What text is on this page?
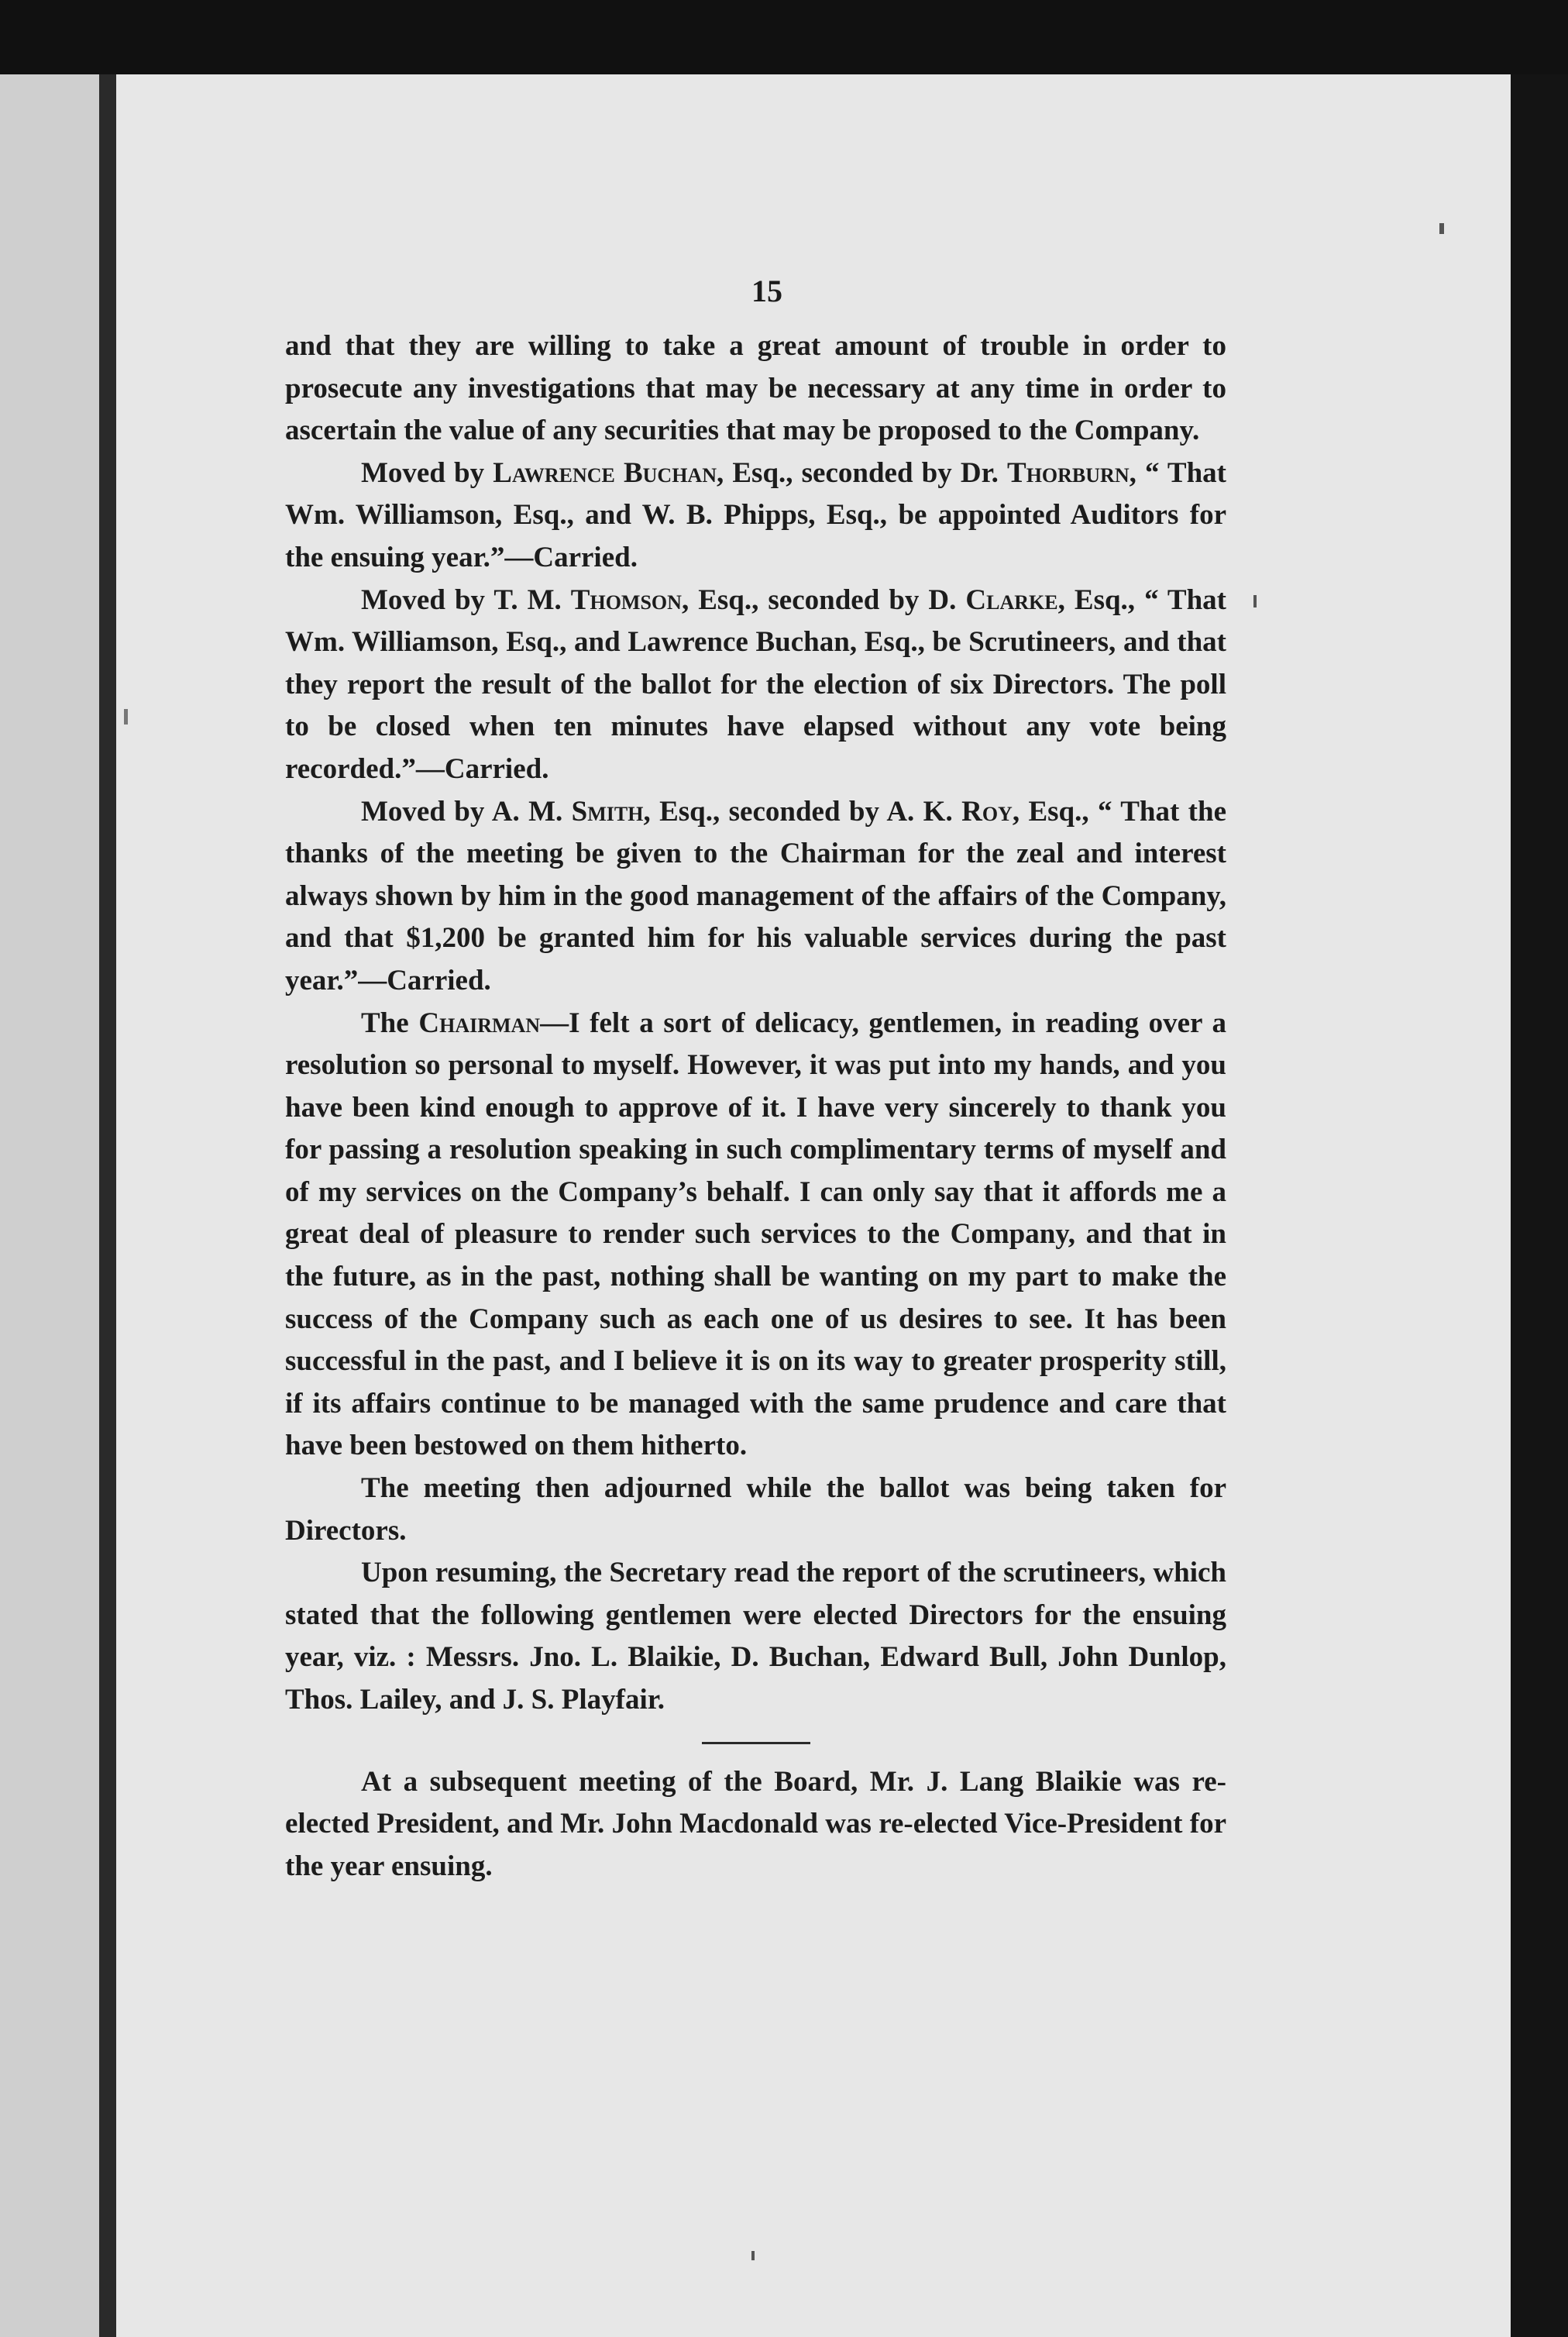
15

and that they are willing to take a great amount of trouble in order to prosecute any investigations that may be necessary at any time in order to ascertain the value of any securities that may be proposed to the Company.

Moved by Lawrence Buchan, Esq., seconded by Dr. Thorburn, “ That Wm. Williamson, Esq., and W. B. Phipps, Esq., be appointed Auditors for the ensuing year.”—Carried.

Moved by T. M. Thomson, Esq., seconded by D. Clarke, Esq., “ That Wm. Williamson, Esq., and Lawrence Buchan, Esq., be Scrutineers, and that they report the result of the ballot for the election of six Directors. The poll to be closed when ten minutes have elapsed without any vote being recorded.”—Carried.

Moved by A. M. Smith, Esq., seconded by A. K. Roy, Esq., “ That the thanks of the meeting be given to the Chairman for the zeal and interest always shown by him in the good management of the affairs of the Company, and that $1,200 be granted him for his valuable services during the past year.”—Carried.

The Chairman—I felt a sort of delicacy, gentlemen, in reading over a resolution so personal to myself. However, it was put into my hands, and you have been kind enough to approve of it. I have very sincerely to thank you for passing a resolution speaking in such complimentary terms of myself and of my services on the Company’s behalf. I can only say that it affords me a great deal of pleasure to render such services to the Company, and that in the future, as in the past, nothing shall be wanting on my part to make the success of the Company such as each one of us desires to see. It has been successful in the past, and I believe it is on its way to greater prosperity still, if its affairs continue to be managed with the same prudence and care that have been bestowed on them hitherto.

The meeting then adjourned while the ballot was being taken for Directors.

Upon resuming, the Secretary read the report of the scrutineers, which stated that the following gentlemen were elected Directors for the ensuing year, viz. : Messrs. Jno. L. Blaikie, D. Buchan, Edward Bull, John Dunlop, Thos. Lailey, and J. S. Playfair.

At a subsequent meeting of the Board, Mr. J. Lang Blaikie was re-elected President, and Mr. John Macdonald was re-elected Vice-President for the year ensuing.
